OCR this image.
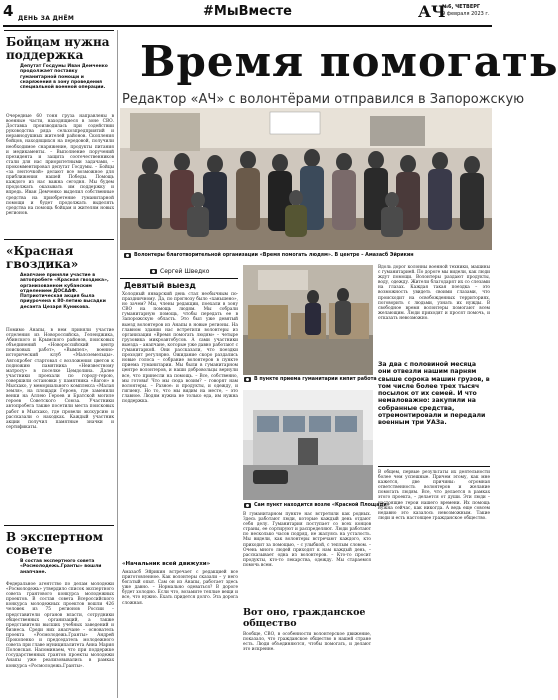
4 ДЕНЬ ЗА ДНЁМ	#МыВместе	АЧ
№6, ЧЕТВЕРГ
9 февраля 2023 г.
Время помогать
Редактор «АЧ» с волонтёрами отправился в Запорожскую
Бойцам нужна поддержка
Депутат Госдумы Иван Демченко продолжает поставку гуманитарной помощи и снаряжения в зону проведения специальной военной операции.
Очередные 60 тонн груза направлены в военные части, находящиеся в зоне СВО. Доставка производилась при содействии руководства ряда сельхозпредприятий и неравнодушных жителей районов. Скопления бойцов, находящихся на передовой, получили необходимое снаряжение, продукты питания и медикаменты. – Выполнение поручений президента и защита соотечественников стали для нас приоритетными задачами, – прокомментировал депутат Госдумы. – Бойцы «за ленточкой» делают все возможное для приближения нашей Победы. Помощь каждого из нас важна сегодня. Мы будем продолжать оказывать им поддержку и впредь. Иван Демченко выделил собственные средства на приобретение гуманитарной помощи и будет продолжать выделять средства на помощь бойцам и жителям новых регионов.
«Красная гвоздика»
Анапчане приняли участие в автопробеге «Красная гвоздика», организованном кубанским отделением ДОСААФ. Патриотическая акция была приурочена к 80-летию высадки десанта Цезаря Куникова.
Помимо Анапы, в нем приняли участие отделения из Новороссийска, Геленджика, Абинского и Крымского районов, поисковых объединений «Новороссийский центр поисковых работ», «Вымпел», военно-исторический клуб «Малоземельцы». Автопробег стартовал с возложения цветов к подножию памятника «Неизвестному матросу» в поселке Цемдолина. Далее участники проехали по городу-герою, совершили остановки у памятника «Вагон» в Мысхако, у мемориального комплекса «Малая земля», на площади Героев, где заменили венки на Аллею Героев и Братской могиле героев Советского Союза. Участники автопробега также посетили места поисковых работ в Мысхако, где провели экскурсию и рассказали о находках. Каждый участник акции получил памятные значки и сертификаты.
В экспертном совете
В состав экспертного совета «Росмолодежь.Гранты» вошли анапчане.
Федеральное агентство по делам молодежи «Росмолодежь» утвердило список экспертного совета грантового конкурса молодежных проектов. В состав совета Всероссийского конкурса молодежных проектов вошли 426 человек из 75 регионов России – представители органов власти, сотрудники общественных организаций, а также представители высших учебных заведений и бизнеса. Среди них анапчане – основатель проекта «Росмолодежь.Гранты» Андрей Прокопенко и председатель молодежного совета при главе муниципалитета Анна Мария Полонская. Напоминаем, что при поддержке государственных грантов проекты молодежи Анапы уже реализовывались в рамках конкурса «Росмолодежь.Гранты».
Волонтеры благотворительной организации «Время помогать людям». В центре – Амазасб Эйрикин
Сергей Шведко
Девятый выезд
Холодный январский день стал необычным по-праздничному. Да, по прогнозу было «ханьшено», но зачем? Мы, члены редакции, поехали в зону СВО на помощь людям. Мы собрали гуманитарную помощь, чтобы передать ее в Запорожскую область. Это был уже девятый выезд волонтеров из Анапы в новые регионы. На главном здании нас встретили волонтеры из организации «Время помогать людям» – четыре грузовика микроавтобусов. А сами участники выезда – анапчане, которые уже давно работают с гуманитаркой. Они рассказали, что поездки проходят регулярно. Ожидание скоро раздались новые голоса – собрание волонтеров в пункте приема гуманитарии. Мы были в гуманитарном центре волонтеров, и наши добровольцы вернули все, что принесли на помощь. – Все, собственно, мы готовы! Что мы сюда возим? – говорят нам волонтеры. – Разное: и продукты, и одежду, и гигиену. Но то, что мы видим на месте, – это главное. Людям нужна не только еда, им нужна поддержка.
«Начальник всей движухи»
Амазасб Эйрикин встречает с редакцией все приготовленное. Как волонтеры сказали – у него богатый опыт. Сам он из Анапы, работает здесь уже давно. – Нормально одеваться? В дороге будет холодно. Если что, возьмите теплые вещи и все, что нужно. Ехать придется долго. Эта дорога сложная.
В пункте приема гуманитарии кипит работа
Сам пункт находится возле «Красной Площади»
В гуманитарном пункте нас встретили как родных. Здесь работают люди, которые каждый день отдают себя делу. Гуманитария поступает со всех концов страны, ее сортируют и распределяют. Люди работают по несколько часов подряд, не жалуясь на усталость. Мы видели, как волонтеры встречают каждого, кто приходит за помощью, – с улыбкой, с теплым словом. – Очень много людей приходят к нам каждый день, – рассказывает одна из волонтеров. – Кто-то просит продукты, кто-то лекарства, одежду. Мы стараемся помочь всем.
Вот оно, гражданское общество
Вообще, СВО, в особенности волонтерское движение, показало, что гражданское общество в нашей стране есть. Люди объединяются, чтобы помогать, и делают это искренне.
Вдоль дорог колонны военной техники, машины с гуманитарией. По дороге мы видели, как люди ждут помощи. Волонтеры раздают продукты, воду, одежду. Жители благодарят их со слезами на глазах. Каждая такая поездка – это возможность увидеть своими глазами, что происходит на освобожденных территориях, поговорить с людьми, узнать их нужды. В свободное время волонтеры помогают всем желающим. Люди приходят и просят помочь, и отказать невозможно.
За два с половиной месяца они отвезли нашим парням свыше сорока машин грузов, в том числе более трех тысяч посылок от их семей. И что немаловажно: закупили на собранные средства, отремонтировали и передали военным три УАЗа.
В общем, первые результаты их деятельности более чем успешные. Причем этому, как мне кажется, две причины: огромная ответственность волонтеров и желание помогать людям. Все, что делается в рамках этого проекта, – делается от души. Эти люди – настоящие герои нашего времени. Их помощь нужна сейчас, как никогда. А ведь еще совсем недавно это казалось невозможным. Такие люди и есть настоящее гражданское общество.
